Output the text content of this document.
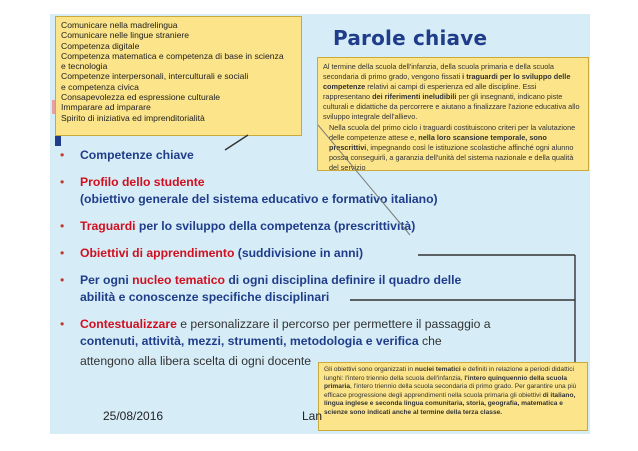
Parole chiave
Comunicare nella madrelingua
Comunicare nelle lingue straniere
Competenza digitale
Competenza matematica e competenza di base in scienza
e tecnologia
Competenze interpersonali, interculturali e sociali
e competenza civica
Consapevolezza ed espressione culturale
Immparare ad imparare
Spirito di iniziativa ed imprenditorialità
Al termine della scuola dell'infanzia, della scuola primaria e della scuola secondaria di primo grado, vengono fissati i traguardi per lo sviluppo delle competenze relativi ai campi di esperienza ed alle discipline. Essi rappresentano dei riferimenti ineludibili per gli insegnanti, indicano piste culturali e didattiche da percorrere e aiutano a finalizzare l'azione educativa allo sviluppo integrale dell'allievo.
Nella scuola del primo ciclo i traguardi costituiscono criteri per la valutazione delle competenze attese e, nella loro scansione temporale, sono prescrittivi, impegnando così le istituzione scolastiche affinché ogni alunno possa conseguirli, a garanzia dell'unità del sistema nazionale e della qualità del servizio
• Competenze chiave
• Profilo dello studente
(obiettivo generale del sistema educativo e formativo italiano)
• Traguardi per lo sviluppo della competenza (prescrittività)
• Obiettivi di apprendimento (suddivisione in anni)
• Per ogni nucleo tematico di ogni disciplina definire il quadro delle
abilità e conoscenze specifiche disciplinari
• Contestualizzare e personalizzare il percorso per permettere il passaggio a
contenuti, attività, mezzi, strumenti, metodologia e verifica che
attengono alla libera scelta di ogni docente
Gli obiettivi sono organizzati in nuclei tematici e definiti in relazione a periodi didattici lunghi: l'intero triennio della scuola dell'infanzia, l'intero quinquennio della scuola primaria, l'intero triennio della scuola secondaria di primo grado. Per garantire una più efficace progressione degli apprendimenti nella scuola primaria gli obiettivi di italiano, lingua inglese e seconda lingua comunitaria, storia, geografia, matematica e scienze sono indicati anche al termine della terza classe.
25/08/2016	Lan
